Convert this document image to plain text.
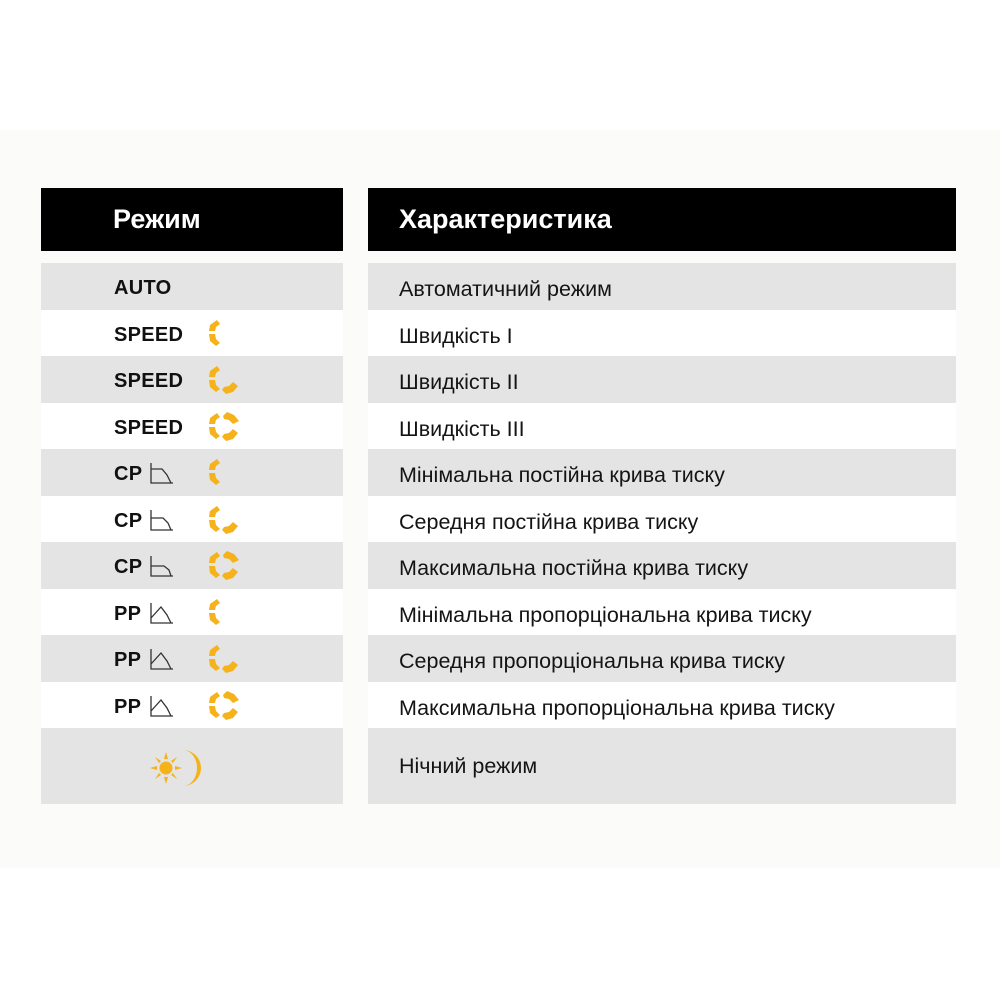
Режим	Характеристика
AUTO
SPEED
SPEED
SPEED
CP
CP
CP
PP
PP
PP
Автоматичний режим
Швидкість I
Швидкість II
Швидкість III
Мінімальна постійна крива тиску
Середня постійна крива тиску
Максимальна постійна крива тиску
Мінімальна пропорціональна крива тиску
Середня пропорціональна крива тиску
Максимальна пропорціональна крива тиску
Нічний режим
